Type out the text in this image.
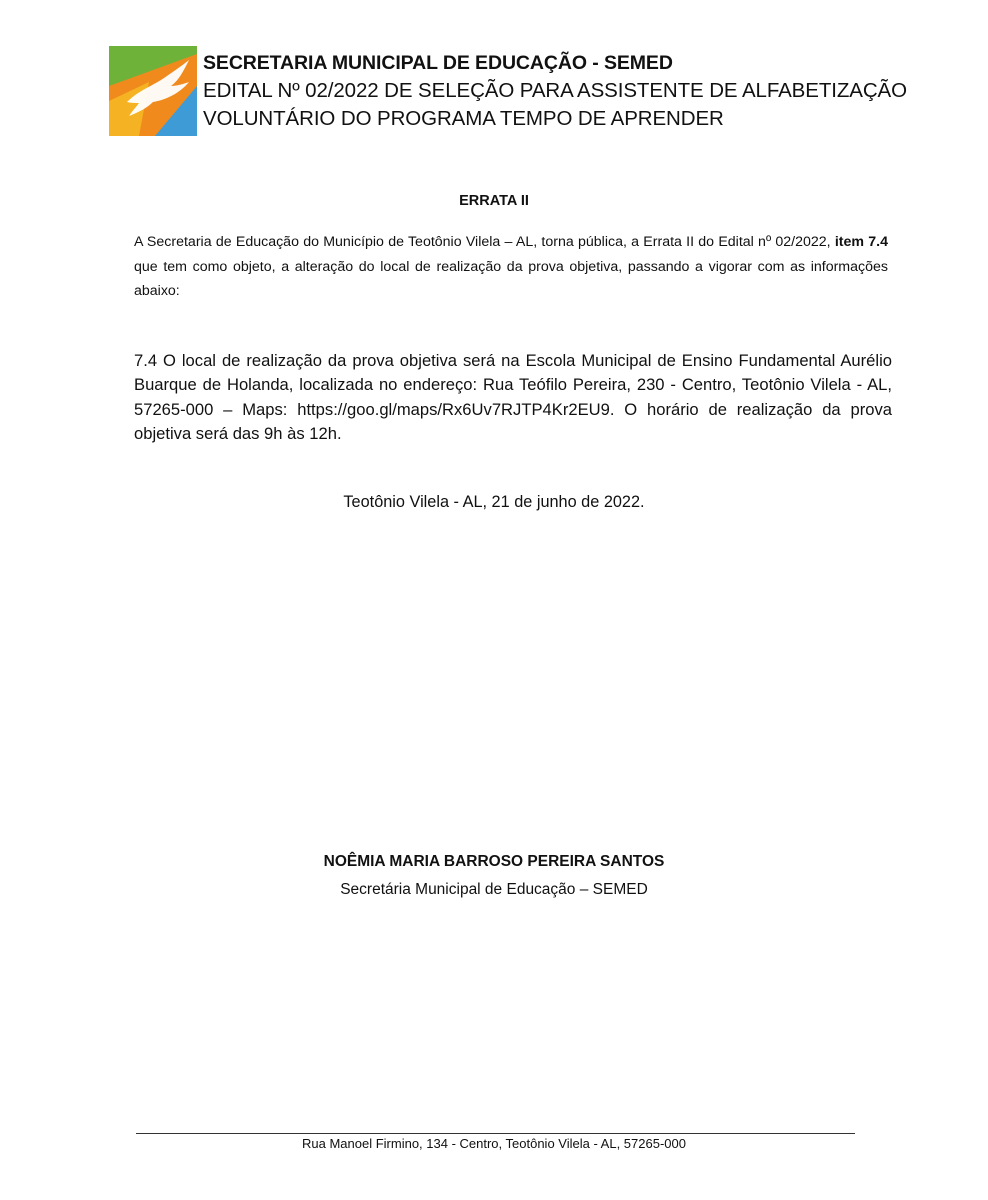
SECRETARIA MUNICIPAL DE EDUCAÇÃO - SEMED
EDITAL Nº 02/2022 DE SELEÇÃO PARA ASSISTENTE DE ALFABETIZAÇÃO
VOLUNTÁRIO DO PROGRAMA TEMPO DE APRENDER
ERRATA II
A Secretaria de Educação do Município de Teotônio Vilela – AL, torna pública, a Errata II do Edital nº 02/2022, item 7.4 que tem como objeto, a alteração do local de realização da prova objetiva, passando a vigorar com as informações abaixo:
7.4 O local de realização da prova objetiva será na Escola Municipal de Ensino Fundamental Aurélio Buarque de Holanda, localizada no endereço: Rua Teófilo Pereira, 230 - Centro, Teotônio Vilela - AL, 57265-000 – Maps: https://goo.gl/maps/Rx6Uv7RJTP4Kr2EU9. O horário de realização da prova objetiva será das 9h às 12h.
Teotônio Vilela - AL, 21 de junho de 2022.
NOÊMIA MARIA BARROSO PEREIRA SANTOS
Secretária Municipal de Educação – SEMED
Rua Manoel Firmino, 134 - Centro, Teotônio Vilela - AL, 57265-000
